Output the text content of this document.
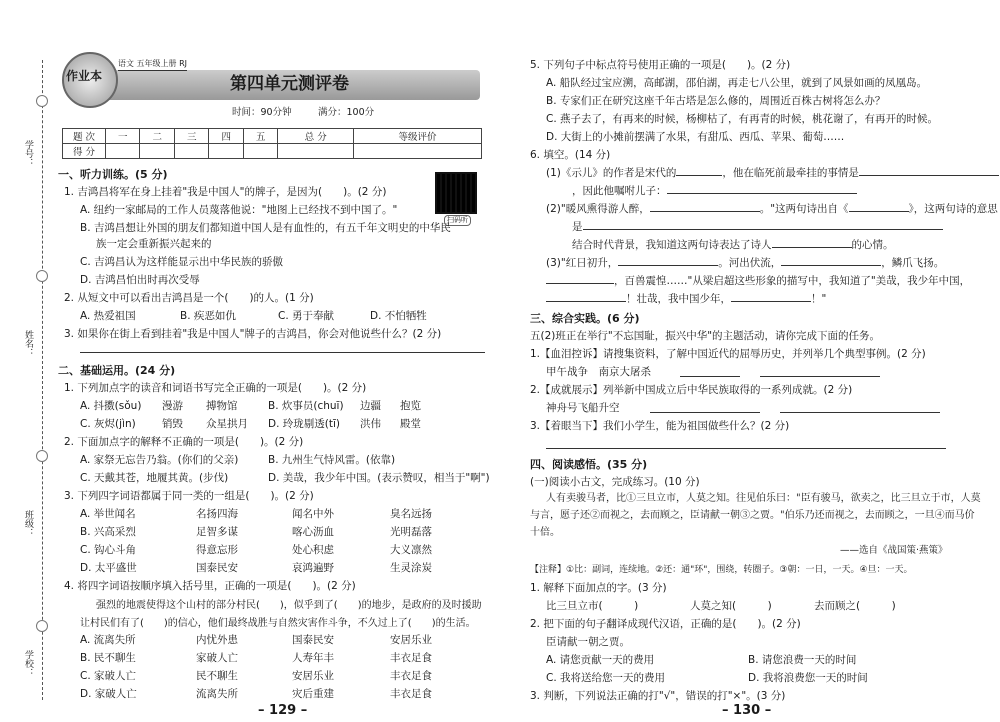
学号：
姓名：
班级：
学校：
语文 五年级上册 RJ
作业本	第四单元测评卷
时间：90分钟	满分：100分
题 次	一	二	三	四	五	总 分	等级评价
得 分							
扫码听
一、听力训练。(5 分)
1. 吉鸿昌将军在身上挂着"我是中国人"的牌子，是因为(　　)。(2 分)
A. 纽约一家邮局的工作人员蔑落他说："地图上已经找不到中国了。"
B. 吉鸿昌想让外国的朋友们都知道中国人是有血性的，有五千年文明史的中华民
族一定会重新振兴起来的
C. 吉鸿昌认为这样能显示出中华民族的骄傲
D. 吉鸿昌怕出时再次受辱
2. 从短文中可以看出吉鸿昌是一个(　　)的人。(1 分)
A. 热爱祖国	B. 疾恶如仇	C. 勇于奉献	D. 不怕牺牲
3. 如果你在街上看到挂着"我是中国人"牌子的吉鸿昌，你会对他说些什么？(2 分)
二、基础运用。(24 分)
1. 下列加点字的读音和词语书写完全正确的一项是(　　)。(2 分)
A. 抖擞(sǒu) 漫游 搏物馆	B. 炊事员(chuī) 边疆 抱览
C. 灰烬(jìn)	销毁 众星拱月 D. 玲珑剔透(tī) 洪伟 殿堂
2. 下面加点字的解释不正确的一项是(　　)。(2 分)
A. 家祭无忘告乃翁。(你们的父亲)	B. 九州生气恃风雷。(依靠)
C. 天戴其苍，地履其黄。(步伐)	D. 美哉，我少年中国。(表示赞叹，相当于"啊")
3. 下列四字词语都属于同一类的一组是(　　)。(2 分)
A. 举世闻名	名扬四海	闻名中外	臭名远扬
B. 兴高采烈	足智多谋	喀心沥血	光明磊落
C. 钩心斗角	得意忘形	处心积虑	大义凛然
D. 太平盛世	国泰民安	哀鸿遍野	生灵涂炭
4. 将四字词语按顺序填入括号里，正确的一项是(　　)。(2 分)
强烈的地震使得这个山村的部分村民(　　)，似乎到了(　　)的地步，是政府的及时援助
让村民们有了(　　)的信心，他们最终战胜与自然灾害作斗争，不久过上了(　　)的生活。
A. 流离失所	内忧外患	国泰民安	安居乐业
B. 民不聊生	家破人亡	人寿年丰	丰衣足食
C. 家破人亡	民不聊生	安居乐业	丰衣足食
D. 家破人亡	流离失所	灾后重建	丰衣足食
– 129 –
5. 下列句子中标点符号使用正确的一项是(　　)。(2 分)
A. 船队经过宝应溯，高邮湖，邵伯湖，再走七八公里，就到了风景如画的凤凰岛。
B. 专家们正在研究这座千年古塔是怎么修的，周围近百株古树将怎么办？
C. 燕子去了，有再来的时候，杨柳枯了，有再青的时候，桃花谢了，有再开的时候。
D. 大街上的小摊前摆满了水果，有甜瓜、西瓜、苹果、葡萄……
6. 填空。(14 分)
(1)《示儿》的作者是宋代的	，他在临死前最牵挂的事情是
，因此他嘱咐儿子：
(2)"暖风熏得游人醉，	。"这两句诗出自《	》，这两句诗的意思
是
结合时代背景，我知道这两句诗表达了诗人	的心情。
(3)"红日初升，	。河出伏流，	，鳞爪飞扬。
，百兽震惶……"从梁启超这些形象的描写中，我知道了"美哉，我少年中国，
！壮哉，我中国少年，	！"
三、综合实践。(6 分)
五(2)班正在举行"不忘国耻，振兴中华"的主题活动，请你完成下面的任务。
1.【血泪控诉】请搜集资料，了解中国近代的屈辱历史，并列举几个典型事例。(2 分)
甲午战争　南京大屠杀
2.【成就展示】列举新中国成立后中华民族取得的一系列成就。(2 分)
神舟号飞船升空
3.【着眼当下】我们小学生，能为祖国做些什么？(2 分)
四、阅读感悟。(35 分)
(一)阅读小古文，完成练习。(10 分)
人有卖骏马者，比①三旦立市，人莫之知。往见伯乐曰："臣有骏马，欲卖之，比三旦立于市，人莫
与言，愿子还②而视之，去而顾之，臣请献一朝③之贾。"伯乐乃还而视之，去而顾之，一旦④而马价
十倍。
——选自《战国策·燕策》
【注释】①比：副词，连续地。②还：通"环"，围绕，转圈子。③朝：一日，一天。④旦：一天。
1. 解释下面加点的字。(3 分)
比三旦立市(　　　)	人莫之知(　　　)	去而顾之(　　　)
2. 把下面的句子翻译成现代汉语，正确的是(　　)。(2 分)
臣请献一朝之贾。
A. 请您贡献一天的费用	B. 请您浪费一天的时间
C. 我将送给您一天的费用	D. 我将浪费您一天的时间
3. 判断，下列说法正确的打"√"，错误的打"×"。(3 分)
– 130 –
